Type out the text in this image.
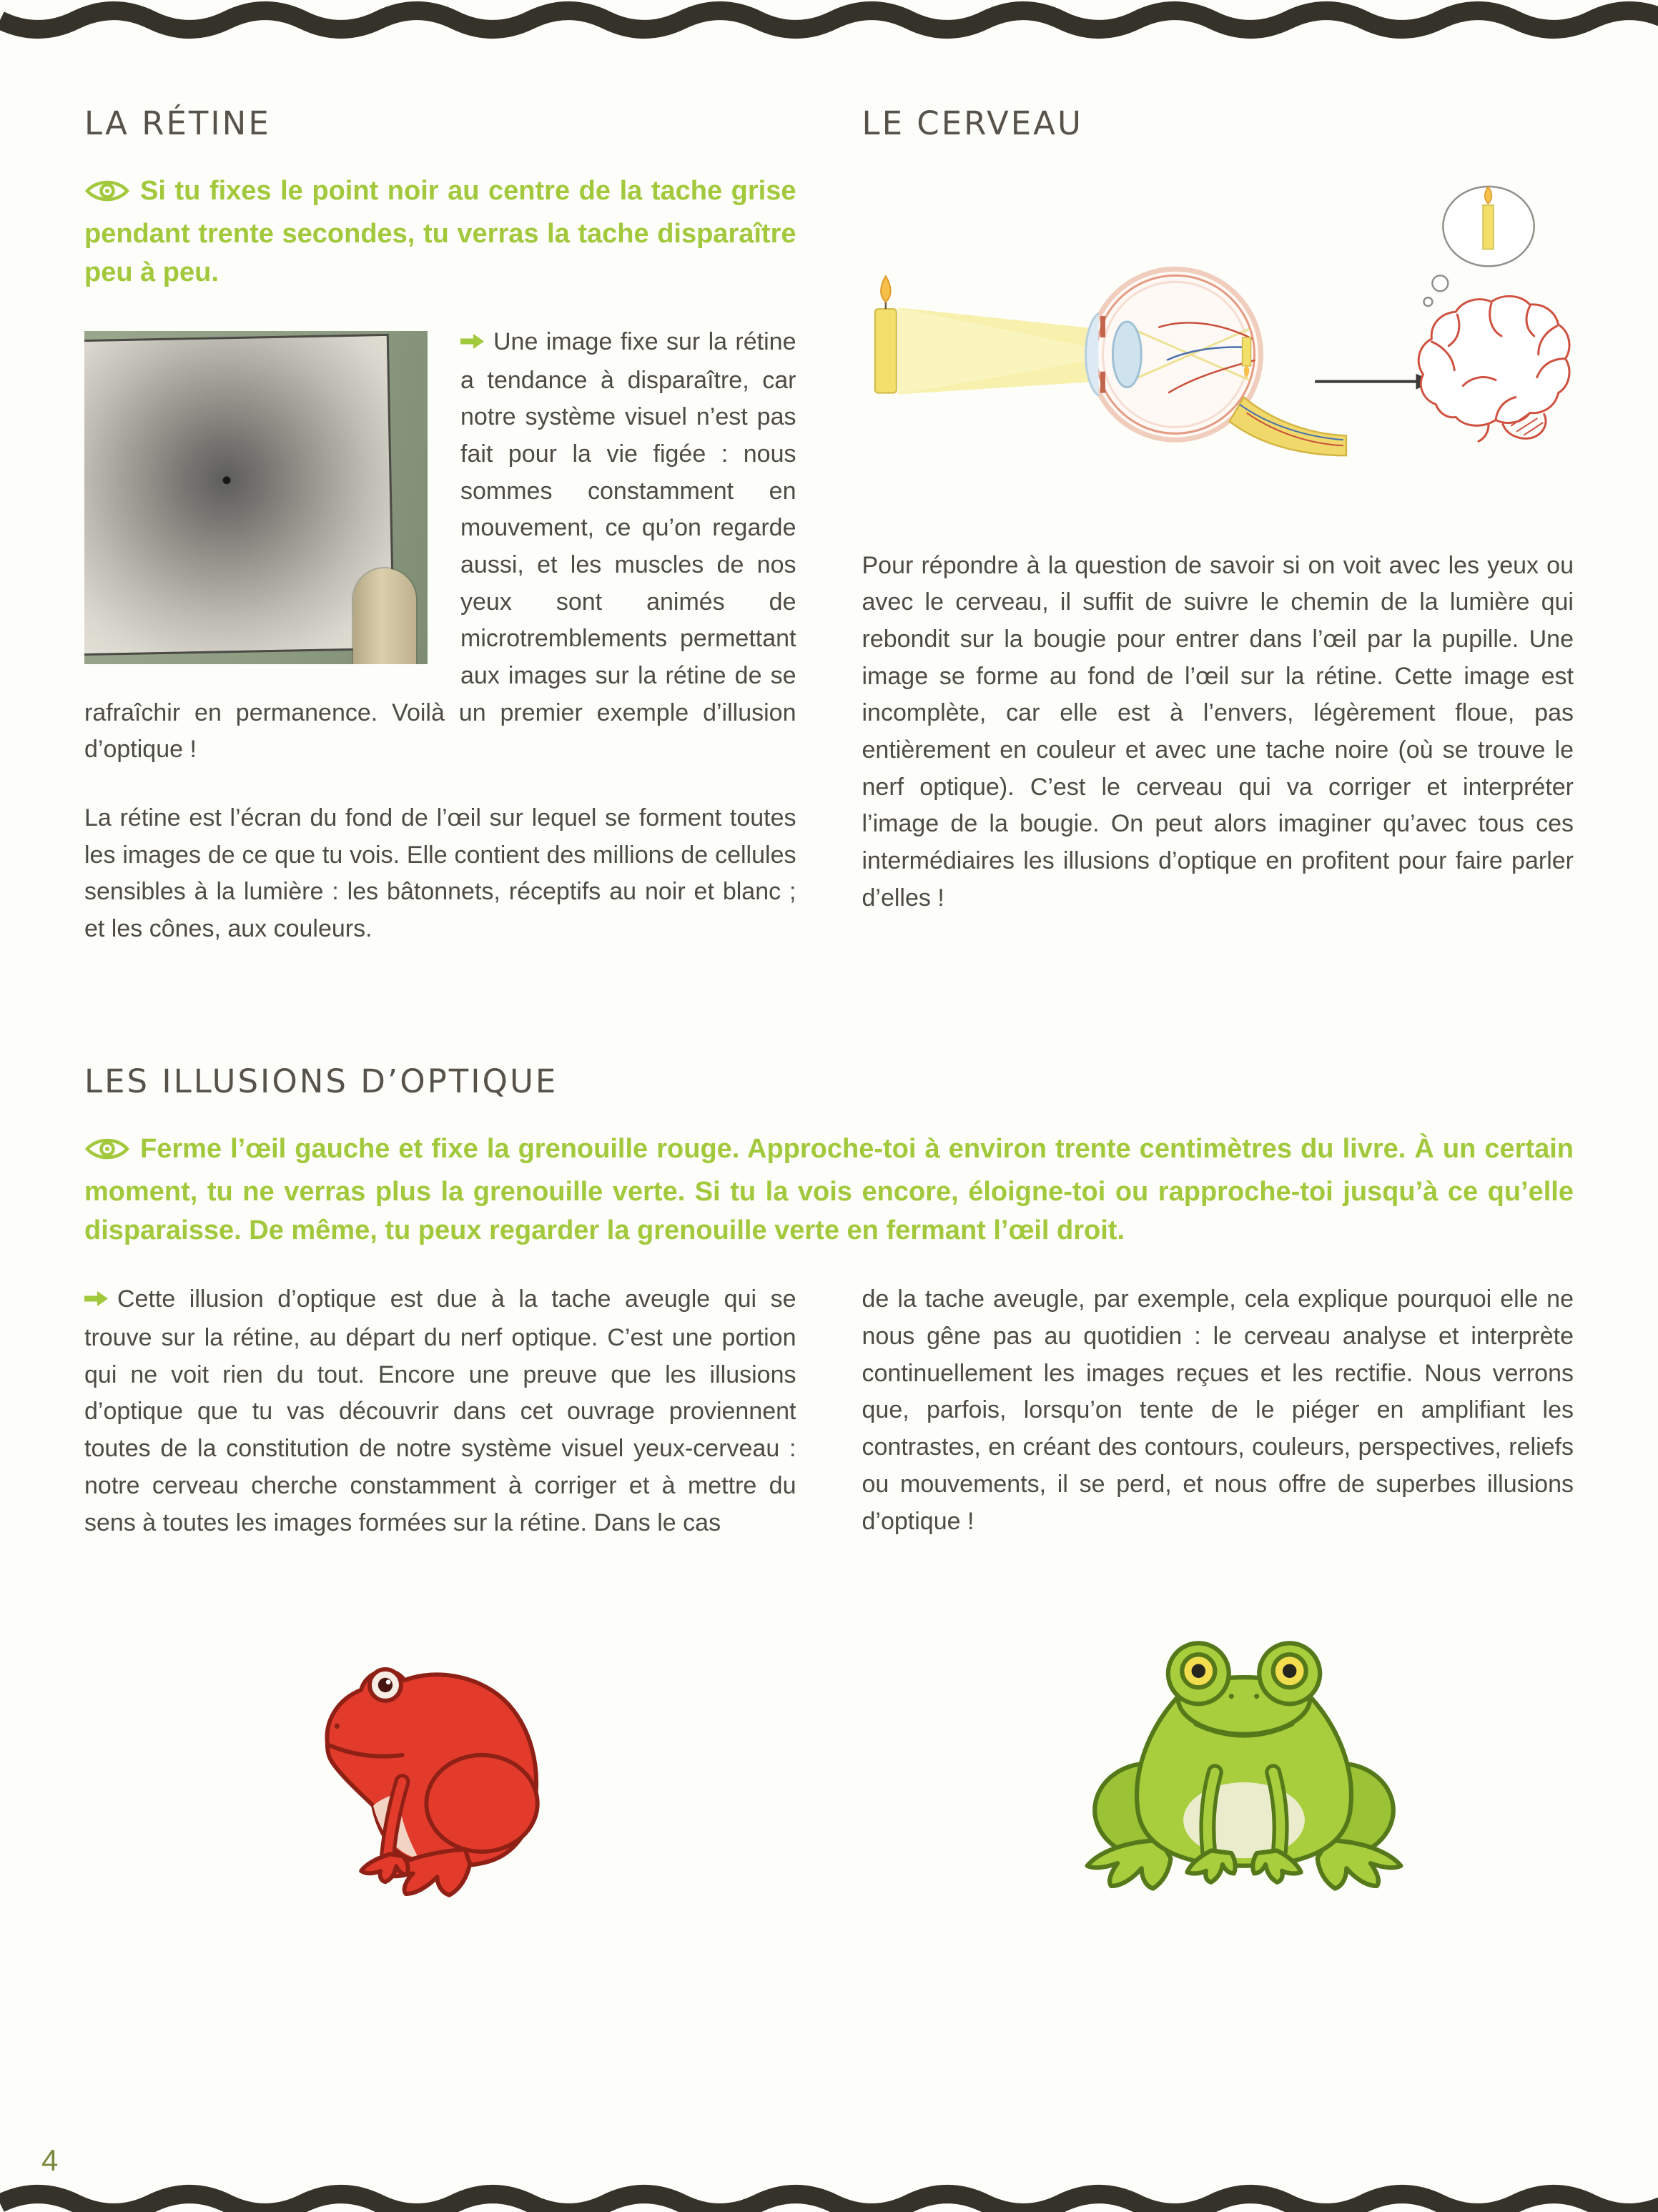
LA RÉTINE

Si tu fixes le point noir au centre de la tache grise pendant trente secondes, tu verras la tache disparaître peu à peu.

Une image fixe sur la rétine a tendance à disparaître, car notre système visuel n’est pas fait pour la vie figée : nous sommes constamment en mouvement, ce qu’on regarde aussi, et les muscles de nos yeux sont animés de microtremblements permettant aux images sur la rétine de se rafraîchir en permanence. Voilà un premier exemple d’illusion d’optique !

La rétine est l’écran du fond de l’œil sur lequel se forment toutes les images de ce que tu vois. Elle contient des millions de cellules sensibles à la lumière : les bâtonnets, réceptifs au noir et blanc ; et les cônes, aux couleurs.

LE CERVEAU

Pour répondre à la question de savoir si on voit avec les yeux ou avec le cerveau, il suffit de suivre le chemin de la lumière qui rebondit sur la bougie pour entrer dans l’œil par la pupille. Une image se forme au fond de l’œil sur la rétine. Cette image est incomplète, car elle est à l’envers, légèrement floue, pas entièrement en couleur et avec une tache noire (où se trouve le nerf optique). C’est le cerveau qui va corriger et interpréter l’image de la bougie. On peut alors imaginer qu’avec tous ces intermédiaires les illusions d’optique en profitent pour faire parler d’elles !

LES ILLUSIONS D’OPTIQUE

Ferme l’œil gauche et fixe la grenouille rouge. Approche-toi à environ trente centimètres du livre. À un certain moment, tu ne verras plus la grenouille verte. Si tu la vois encore, éloigne-toi ou rapproche-toi jusqu’à ce qu’elle disparaisse. De même, tu peux regarder la grenouille verte en fermant l’œil droit.

Cette illusion d’optique est due à la tache aveugle qui se trouve sur la rétine, au départ du nerf optique. C’est une portion qui ne voit rien du tout. Encore une preuve que les illusions d’optique que tu vas découvrir dans cet ouvrage proviennent toutes de la constitution de notre système visuel yeux-cerveau : notre cerveau cherche constamment à corriger et à mettre du sens à toutes les images formées sur la rétine. Dans le cas

de la tache aveugle, par exemple, cela explique pourquoi elle ne nous gêne pas au quotidien : le cerveau analyse et interprète continuellement les images reçues et les rectifie. Nous verrons que, parfois, lorsqu’on tente de le piéger en amplifiant les contrastes, en créant des contours, couleurs, perspectives, reliefs ou mouvements, il se perd, et nous offre de superbes illusions d’optique !

4
